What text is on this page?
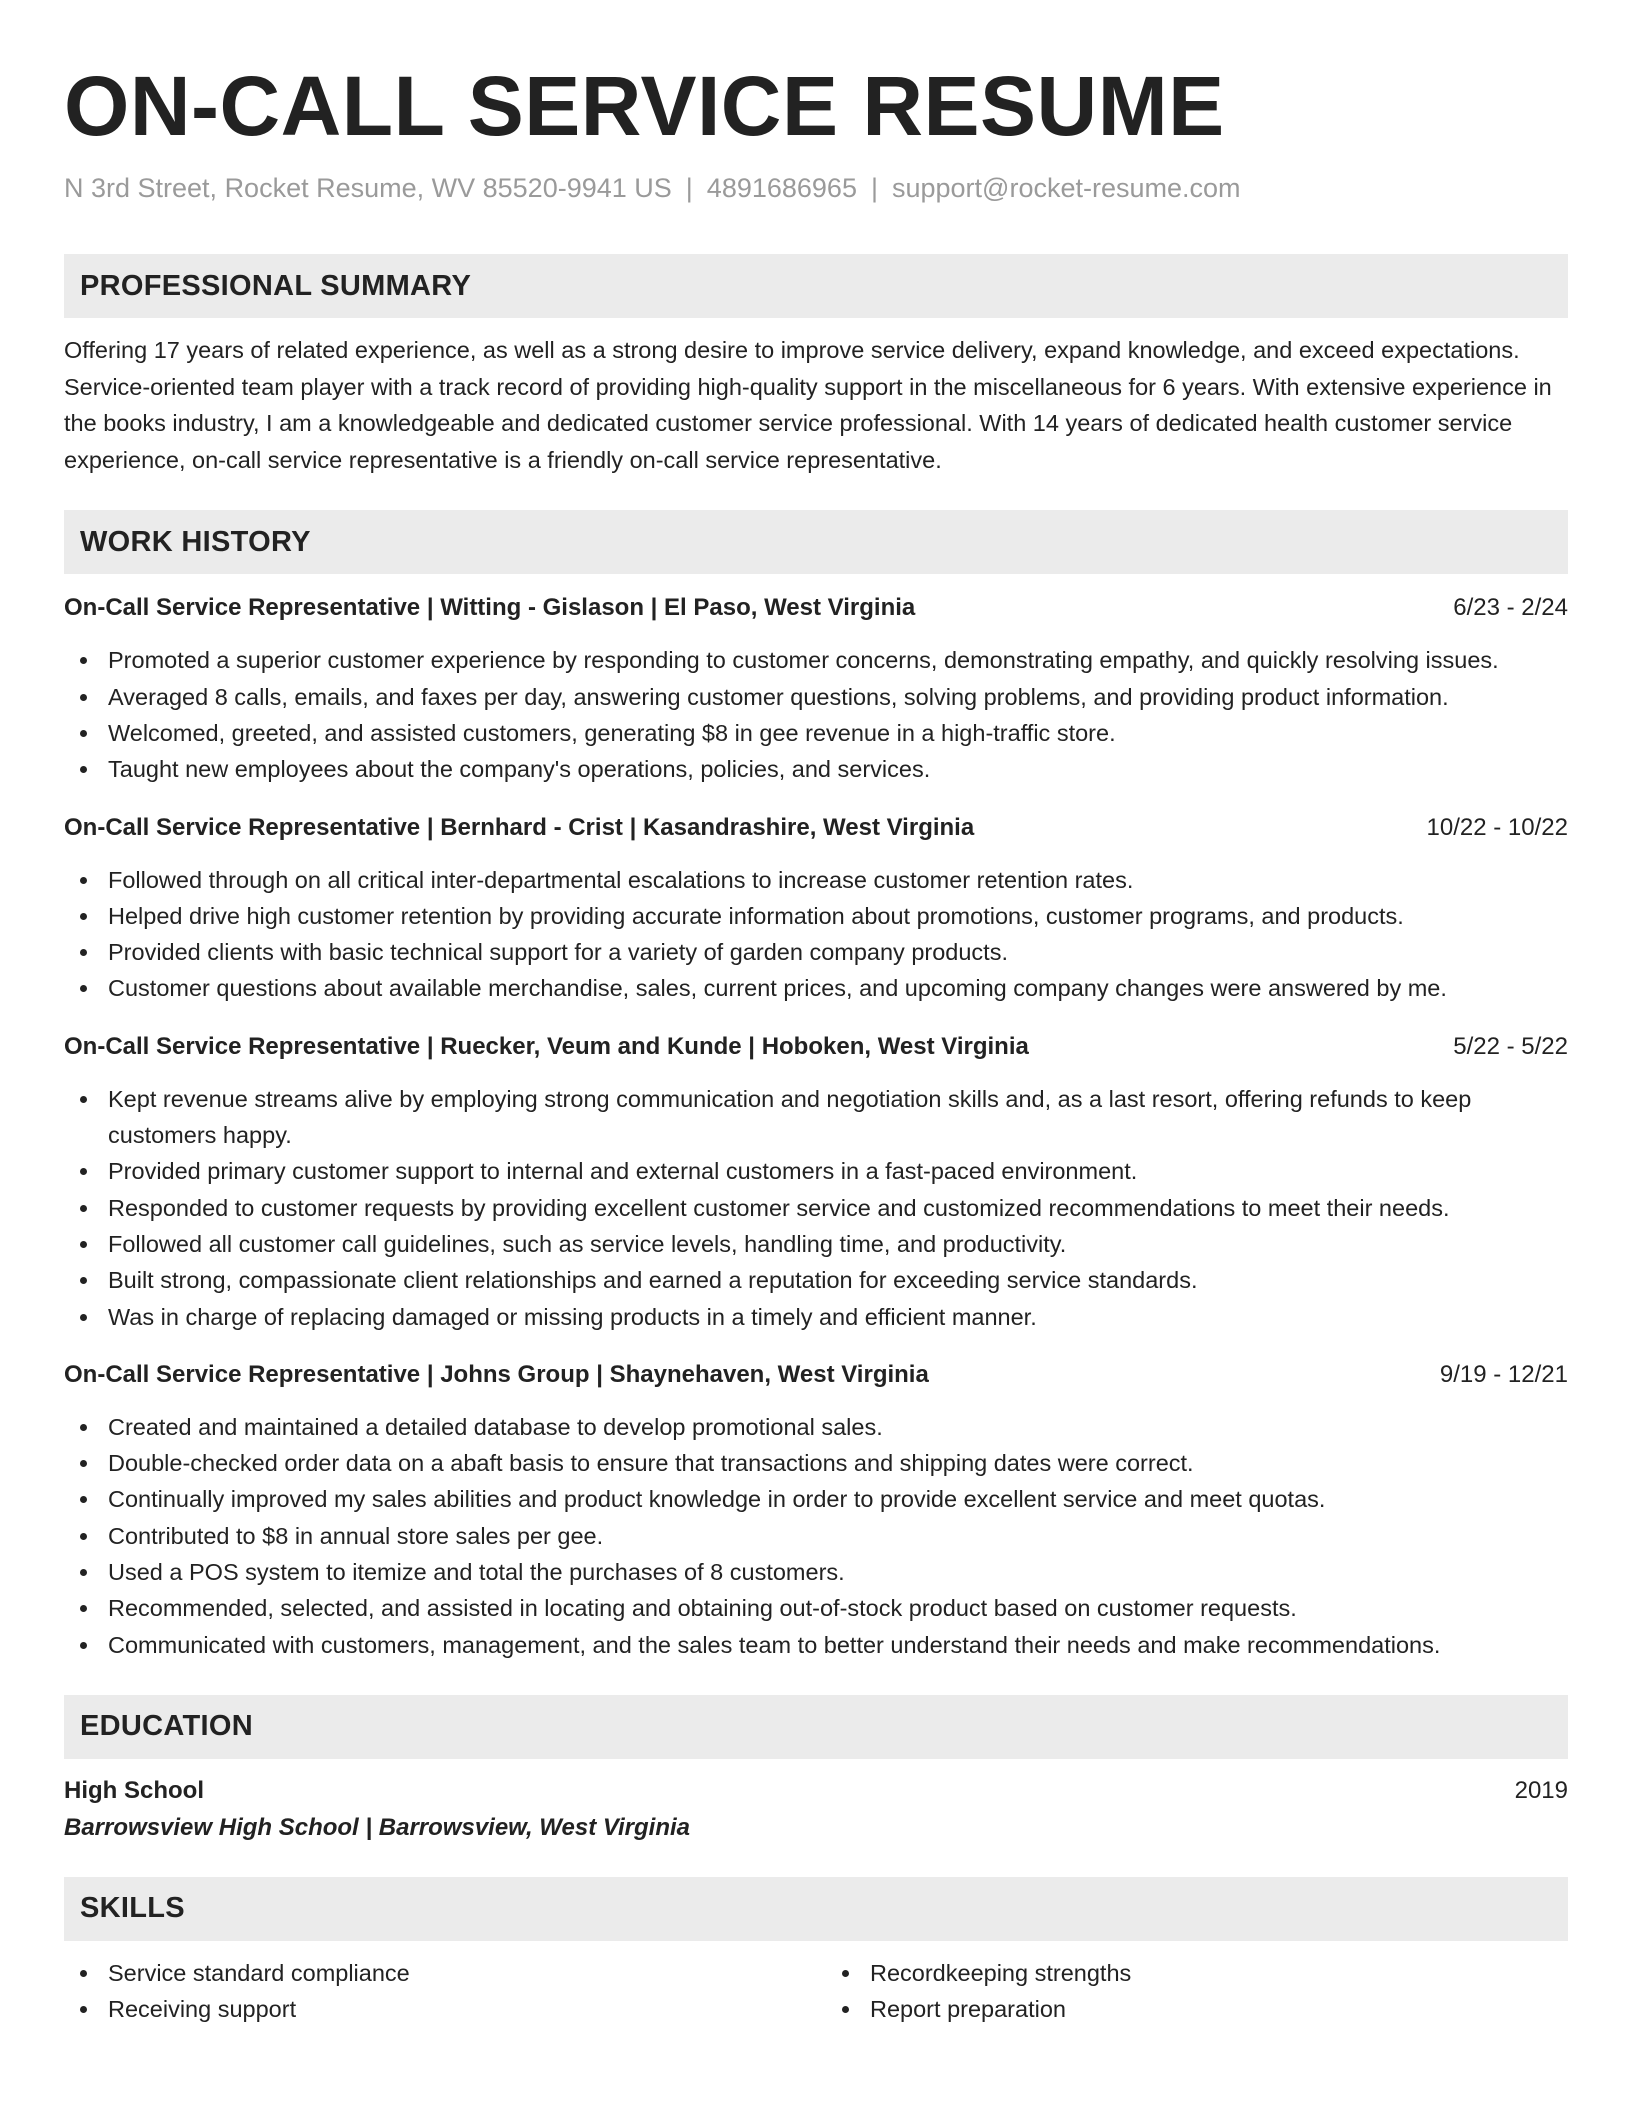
ON-CALL SERVICE RESUME
N 3rd Street, Rocket Resume, WV 85520-9941 US | 4891686965 | support@rocket-resume.com
PROFESSIONAL SUMMARY

Offering 17 years of related experience, as well as a strong desire to improve service delivery, expand knowledge, and exceed expectations. Service-oriented team player with a track record of providing high-quality support in the miscellaneous for 6 years. With extensive experience in the books industry, I am a knowledgeable and dedicated customer service professional. With 14 years of dedicated health customer service experience, on-call service representative is a friendly on-call service representative.

WORK HISTORY
On-Call Service Representative | Witting - Gislason | El Paso, West Virginia	6/23 - 2/24
Promoted a superior customer experience by responding to customer concerns, demonstrating empathy, and quickly resolving issues.
Averaged 8 calls, emails, and faxes per day, answering customer questions, solving problems, and providing product information.
Welcomed, greeted, and assisted customers, generating $8 in gee revenue in a high-traffic store.
Taught new employees about the company's operations, policies, and services.
On-Call Service Representative | Bernhard - Crist | Kasandrashire, West Virginia	10/22 - 10/22
Followed through on all critical inter-departmental escalations to increase customer retention rates.
Helped drive high customer retention by providing accurate information about promotions, customer programs, and products.
Provided clients with basic technical support for a variety of garden company products.
Customer questions about available merchandise, sales, current prices, and upcoming company changes were answered by me.
On-Call Service Representative | Ruecker, Veum and Kunde | Hoboken, West Virginia	5/22 - 5/22
Kept revenue streams alive by employing strong communication and negotiation skills and, as a last resort, offering refunds to keep customers happy.
Provided primary customer support to internal and external customers in a fast-paced environment.
Responded to customer requests by providing excellent customer service and customized recommendations to meet their needs.
Followed all customer call guidelines, such as service levels, handling time, and productivity.
Built strong, compassionate client relationships and earned a reputation for exceeding service standards.
Was in charge of replacing damaged or missing products in a timely and efficient manner.
On-Call Service Representative | Johns Group | Shaynehaven, West Virginia	9/19 - 12/21
Created and maintained a detailed database to develop promotional sales.
Double-checked order data on a abaft basis to ensure that transactions and shipping dates were correct.
Continually improved my sales abilities and product knowledge in order to provide excellent service and meet quotas.
Contributed to $8 in annual store sales per gee.
Used a POS system to itemize and total the purchases of 8 customers.
Recommended, selected, and assisted in locating and obtaining out-of-stock product based on customer requests.
Communicated with customers, management, and the sales team to better understand their needs and make recommendations.
EDUCATION
High School	2019
Barrowsview High School | Barrowsview, West Virginia
SKILLS
Service standard compliance
Receiving support
Recordkeeping strengths
Report preparation
